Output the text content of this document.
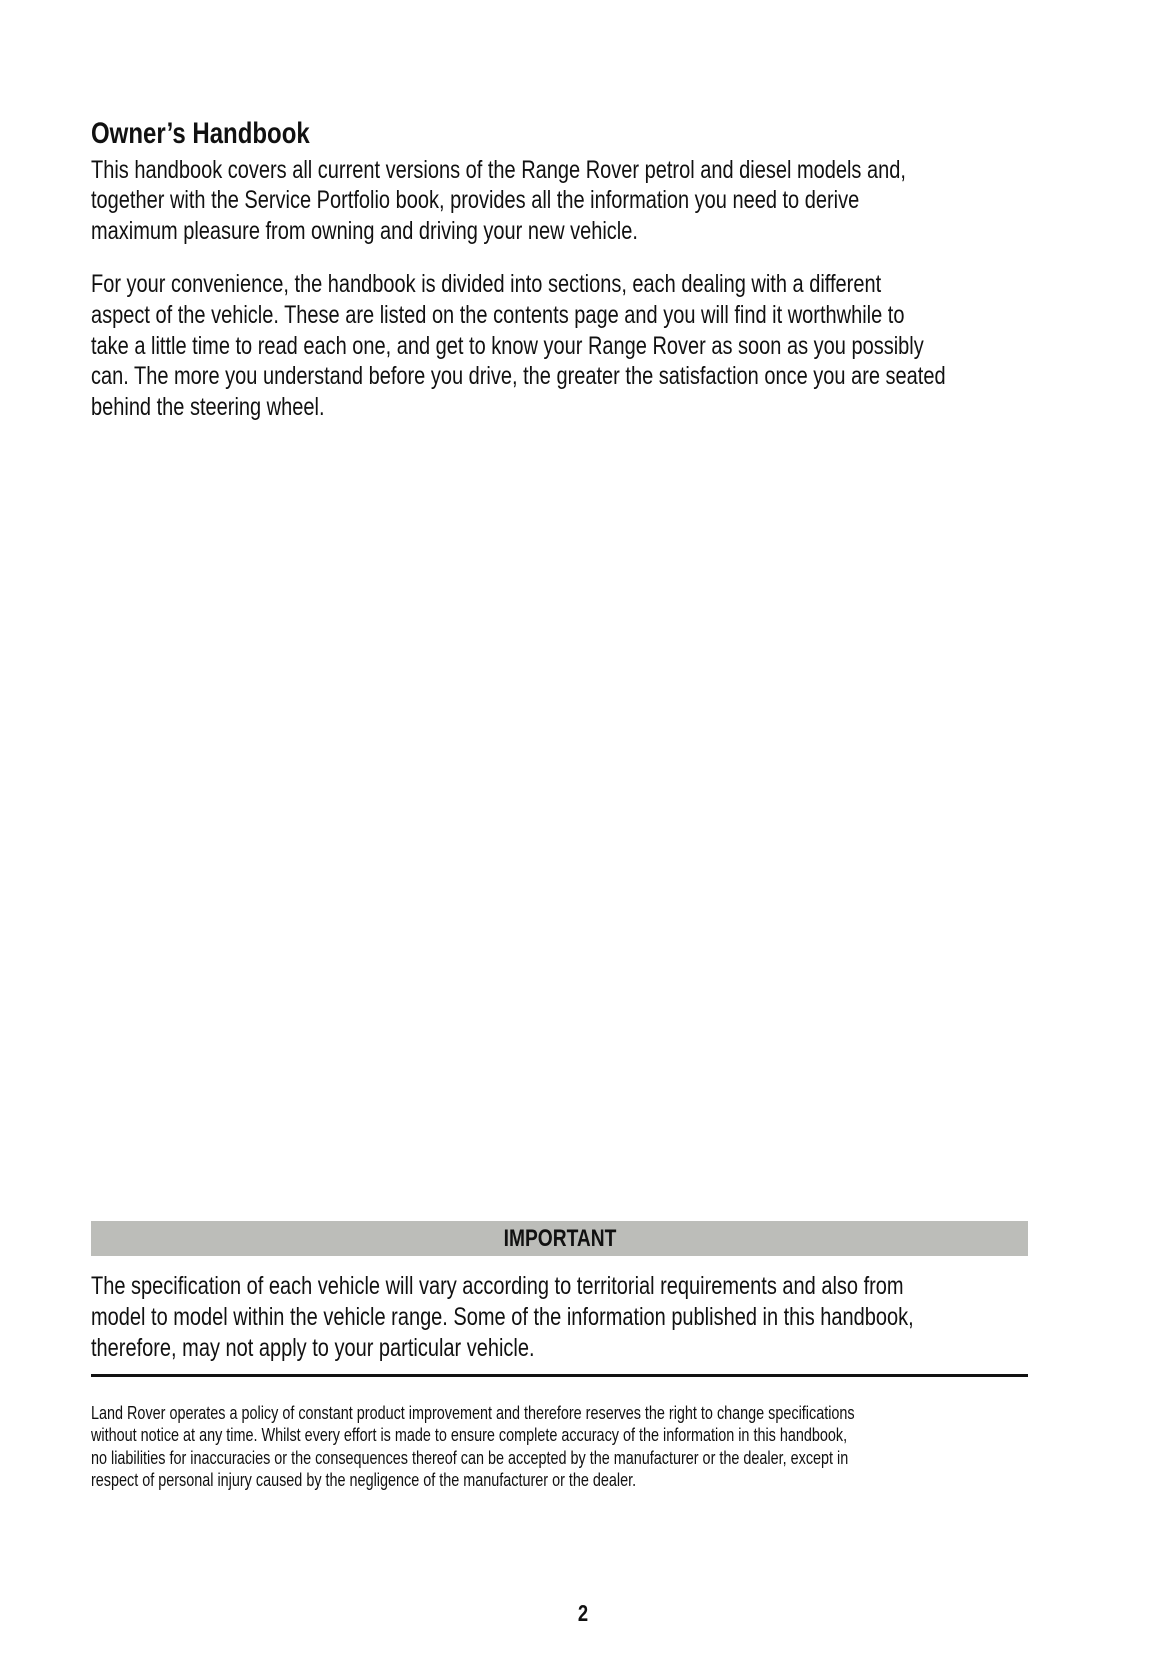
Owner’s Handbook
This handbook covers all current versions of the Range Rover petrol and diesel models and,
together with the Service Portfolio book, provides all the information you need to derive
maximum pleasure from owning and driving your new vehicle.
For your convenience, the handbook is divided into sections, each dealing with a different
aspect of the vehicle. These are listed on the contents page and you will find it worthwhile to
take a little time to read each one, and get to know your Range Rover as soon as you possibly
can. The more you understand before you drive, the greater the satisfaction once you are seated
behind the steering wheel.
IMPORTANT
The specification of each vehicle will vary according to territorial requirements and also from
model to model within the vehicle range. Some of the information published in this handbook,
therefore, may not apply to your particular vehicle.
Land Rover operates a policy of constant product improvement and therefore reserves the right to change specifications
without notice at any time. Whilst every effort is made to ensure complete accuracy of the information in this handbook,
no liabilities for inaccuracies or the consequences thereof can be accepted by the manufacturer or the dealer, except in
respect of personal injury caused by the negligence of the manufacturer or the dealer.
2
